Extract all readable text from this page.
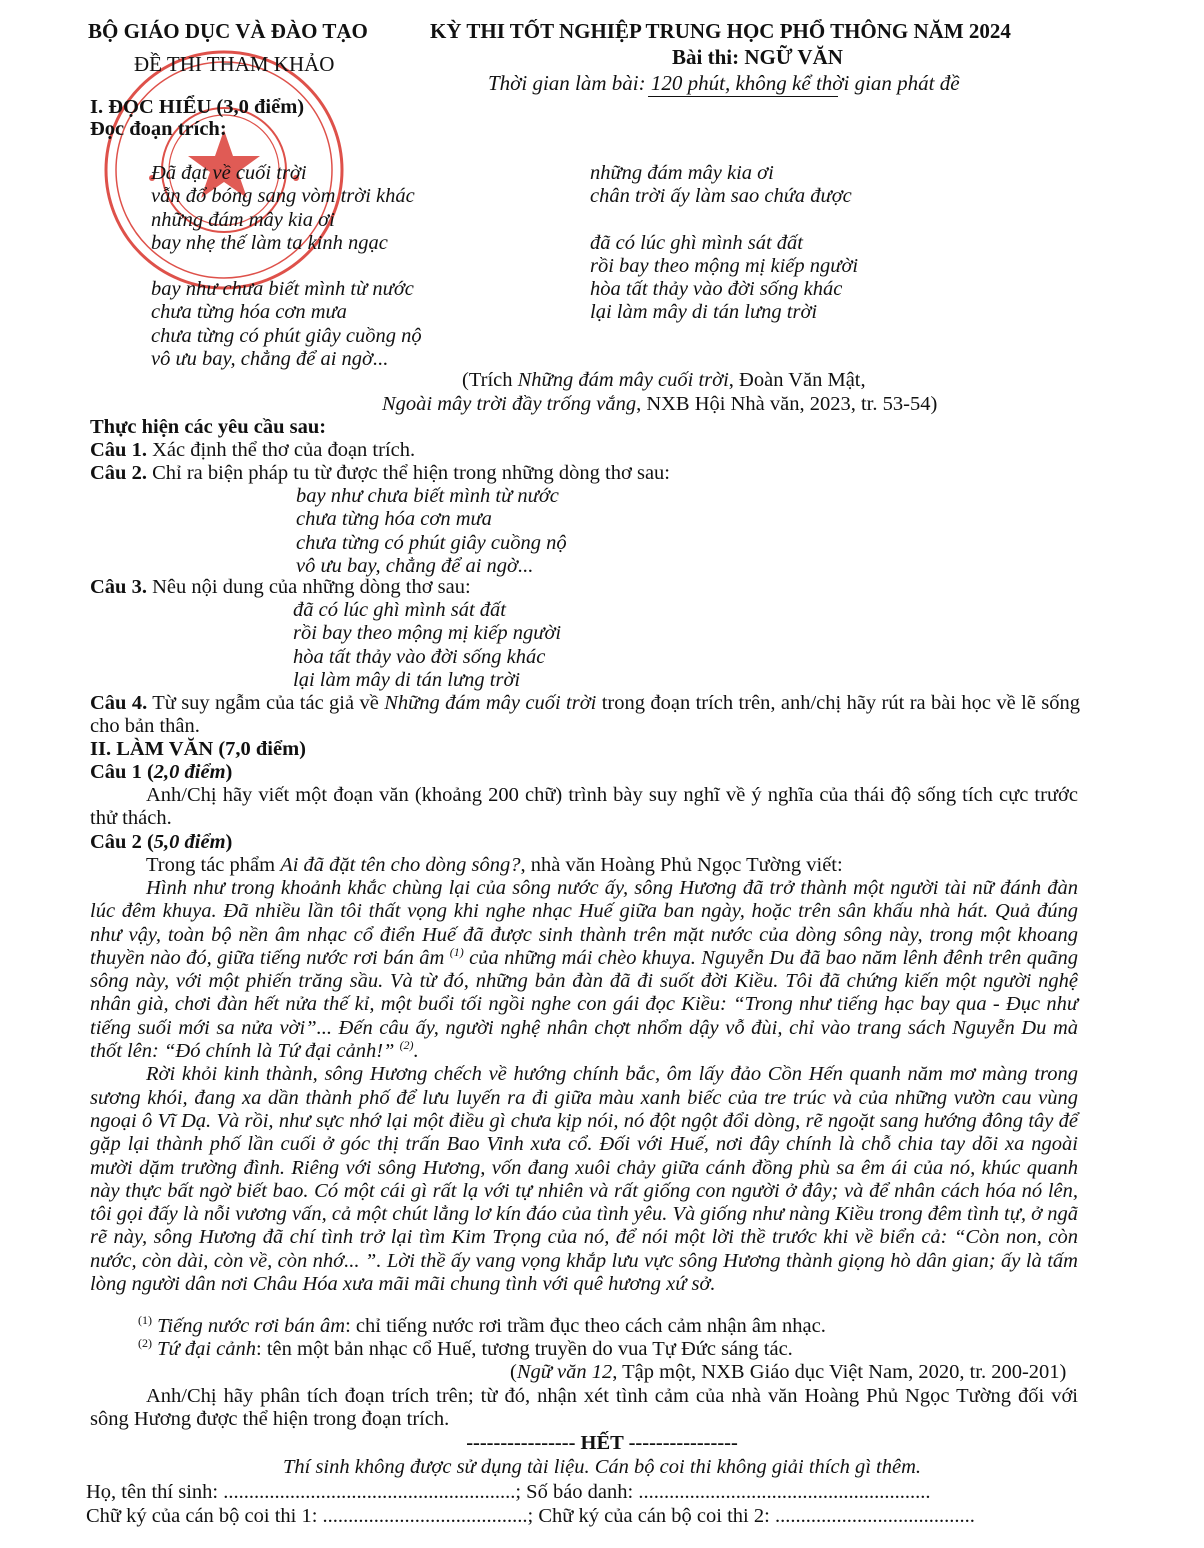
BỘ GIÁO DỤC VÀ ĐÀO TẠO
ĐỀ THI THAM KHẢO
KỲ THI TỐT NGHIỆP TRUNG HỌC PHỔ THÔNG NĂM 2024
Bài thi: NGỮ VĂN
Thời gian làm bài: 120 phút, không kể thời gian phát đề
I. ĐỌC HIỂU (3,0 điểm)
Đọc đoạn trích:
Đã đạt về cuối trời
vẫn đổ bóng sang vòm trời khác
những đám mây kia ơi
bay nhẹ thế làm ta kinh ngạc
bay như chưa biết mình từ nước
chưa từng hóa cơn mưa
chưa từng có phút giây cuồng nộ
vô ưu bay, chẳng để ai ngờ...
những đám mây kia ơi
chân trời ấy làm sao chứa được
đã có lúc ghì mình sát đất
rồi bay theo mộng mị kiếp người
hòa tất thảy vào đời sống khác
lại làm mây di tán lưng trời
(Trích Những đám mây cuối trời, Đoàn Văn Mật,
Ngoài mây trời đầy trống vắng, NXB Hội Nhà văn, 2023, tr. 53-54)
Thực hiện các yêu cầu sau:
Câu 1. Xác định thể thơ của đoạn trích.
Câu 2. Chỉ ra biện pháp tu từ được thể hiện trong những dòng thơ sau:
bay như chưa biết mình từ nước
chưa từng hóa cơn mưa
chưa từng có phút giây cuồng nộ
vô ưu bay, chẳng để ai ngờ...
Câu 3. Nêu nội dung của những dòng thơ sau:
đã có lúc ghì mình sát đất
rồi bay theo mộng mị kiếp người
hòa tất thảy vào đời sống khác
lại làm mây di tán lưng trời
Câu 4. Từ suy ngẫm của tác giả về Những đám mây cuối trời trong đoạn trích trên, anh/chị hãy rút ra bài học về lẽ sống cho bản thân.
II. LÀM VĂN (7,0 điểm)
Câu 1 (2,0 điểm)
Anh/Chị hãy viết một đoạn văn (khoảng 200 chữ) trình bày suy nghĩ về ý nghĩa của thái độ sống tích cực trước thử thách.
Câu 2 (5,0 điểm)
Trong tác phẩm Ai đã đặt tên cho dòng sông?, nhà văn Hoàng Phủ Ngọc Tường viết:

Hình như trong khoảnh khắc chùng lại của sông nước ấy, sông Hương đã trở thành một người tài nữ đánh đàn lúc đêm khuya. Đã nhiều lần tôi thất vọng khi nghe nhạc Huế giữa ban ngày, hoặc trên sân khấu nhà hát. Quả đúng như vậy, toàn bộ nền âm nhạc cổ điển Huế đã được sinh thành trên mặt nước của dòng sông này, trong một khoang thuyền nào đó, giữa tiếng nước rơi bán âm $^{(1)}$ của những mái chèo khuya. Nguyễn Du đã bao năm lênh đênh trên quãng sông này, với một phiến trăng sầu. Và từ đó, những bản đàn đã đi suốt đời Kiều. Tôi đã chứng kiến một người nghệ nhân già, chơi đàn hết nửa thế kỉ, một buổi tối ngồi nghe con gái đọc Kiều: “Trong như tiếng hạc bay qua - Đục như tiếng suối mới sa nửa vời”... Đến câu ấy, người nghệ nhân chợt nhổm dậy vỗ đùi, chỉ vào trang sách Nguyễn Du mà thốt lên: “Đó chính là Tứ đại cảnh!” $^{(2)}$.

Rời khỏi kinh thành, sông Hương chếch về hướng chính bắc, ôm lấy đảo Cồn Hến quanh năm mơ màng trong sương khói, đang xa dần thành phố để lưu luyến ra đi giữa màu xanh biếc của tre trúc và của những vườn cau vùng ngoại ô Vĩ Dạ. Và rồi, như sực nhớ lại một điều gì chưa kịp nói, nó đột ngột đổi dòng, rẽ ngoặt sang hướng đông tây để gặp lại thành phố lần cuối ở góc thị trấn Bao Vinh xưa cổ. Đối với Huế, nơi đây chính là chỗ chia tay dõi xa ngoài mười dặm trường đình. Riêng với sông Hương, vốn đang xuôi chảy giữa cánh đồng phù sa êm ái của nó, khúc quanh này thực bất ngờ biết bao. Có một cái gì rất lạ với tự nhiên và rất giống con người ở đây; và để nhân cách hóa nó lên, tôi gọi đấy là nỗi vương vấn, cả một chút lẳng lơ kín đáo của tình yêu. Và giống như nàng Kiều trong đêm tình tự, ở ngã rẽ này, sông Hương đã chí tình trở lại tìm Kim Trọng của nó, để nói một lời thề trước khi về biển cả: “Còn non, còn nước, còn dài, còn về, còn nhớ... ”. Lời thề ấy vang vọng khắp lưu vực sông Hương thành giọng hò dân gian; ấy là tấm lòng người dân nơi Châu Hóa xưa mãi mãi chung tình với quê hương xứ sở.

$^{(1)}$ Tiếng nước rơi bán âm: chỉ tiếng nước rơi trầm đục theo cách cảm nhận âm nhạc.

$^{(2)}$ Tứ đại cảnh: tên một bản nhạc cổ Huế, tương truyền do vua Tự Đức sáng tác.

(Ngữ văn 12, Tập một, NXB Giáo dục Việt Nam, 2020, tr. 200-201)
Anh/Chị hãy phân tích đoạn trích trên; từ đó, nhận xét tình cảm của nhà văn Hoàng Phủ Ngọc Tường đối với sông Hương được thể hiện trong đoạn trích.
---------------- HẾT ----------------
Thí sinh không được sử dụng tài liệu. Cán bộ coi thi không giải thích gì thêm.
Họ, tên thí sinh: .........................................................; Số báo danh: .........................................................
Chữ ký của cán bộ coi thi 1: ........................................; Chữ ký của cán bộ coi thi 2: .......................................
